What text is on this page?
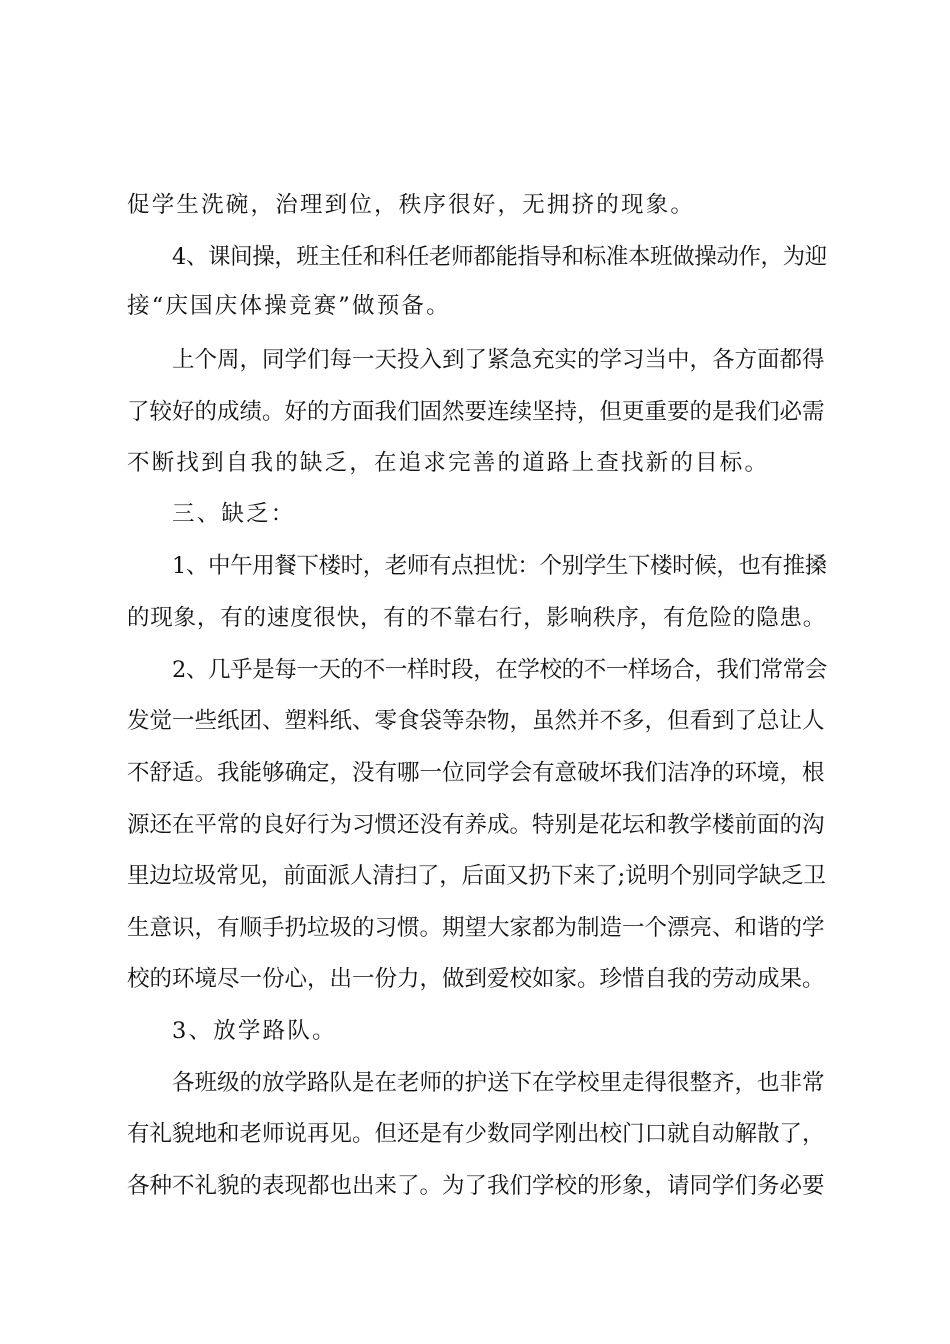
促学生洗碗，治理到位，秩序很好，无拥挤的现象。
4、课间操，班主任和科任老师都能指导和标准本班做操动作，为迎
接“庆国庆体操竞赛”做预备。
上个周，同学们每一天投入到了紧急充实的学习当中，各方面都得
了较好的成绩。好的方面我们固然要连续坚持，但更重要的是我们必需
不断找到自我的缺乏，在追求完善的道路上查找新的目标。
三、缺乏：
1、中午用餐下楼时，老师有点担忧：个别学生下楼时候，也有推搡
的现象，有的速度很快，有的不靠右行，影响秩序，有危险的隐患。
2、几乎是每一天的不一样时段，在学校的不一样场合，我们常常会
发觉一些纸团、塑料纸、零食袋等杂物，虽然并不多，但看到了总让人
不舒适。我能够确定，没有哪一位同学会有意破坏我们洁净的环境，根
源还在平常的良好行为习惯还没有养成。特别是花坛和教学楼前面的沟
里边垃圾常见，前面派人清扫了，后面又扔下来了;说明个别同学缺乏卫
生意识，有顺手扔垃圾的习惯。期望大家都为制造一个漂亮、和谐的学
校的环境尽一份心，出一份力，做到爱校如家。珍惜自我的劳动成果。
3、放学路队。
各班级的放学路队是在老师的护送下在学校里走得很整齐，也非常
有礼貌地和老师说再见。但还是有少数同学刚出校门口就自动解散了，
各种不礼貌的表现都也出来了。为了我们学校的形象，请同学们务必要
